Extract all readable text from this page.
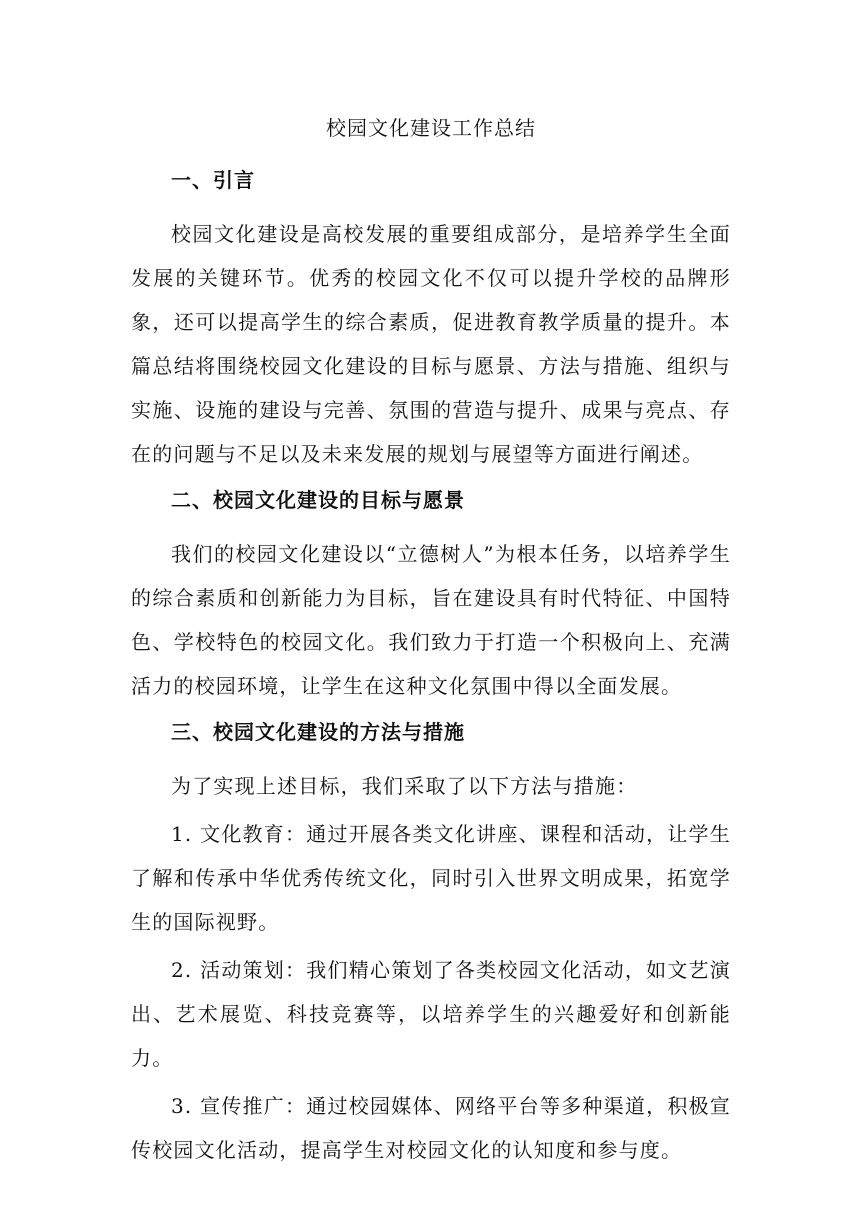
校园文化建设工作总结
一、引言

校园文化建设是高校发展的重要组成部分，是培养学生全面发展的关键环节。优秀的校园文化不仅可以提升学校的品牌形象，还可以提高学生的综合素质，促进教育教学质量的提升。本篇总结将围绕校园文化建设的目标与愿景、方法与措施、组织与实施、设施的建设与完善、氛围的营造与提升、成果与亮点、存在的问题与不足以及未来发展的规划与展望等方面进行阐述。

二、校园文化建设的目标与愿景

我们的校园文化建设以“立德树人”为根本任务，以培养学生的综合素质和创新能力为目标，旨在建设具有时代特征、中国特色、学校特色的校园文化。我们致力于打造一个积极向上、充满活力的校园环境，让学生在这种文化氛围中得以全面发展。

三、校园文化建设的方法与措施

为了实现上述目标，我们采取了以下方法与措施：

1. 文化教育：通过开展各类文化讲座、课程和活动，让学生了解和传承中华优秀传统文化，同时引入世界文明成果，拓宽学生的国际视野。

2. 活动策划：我们精心策划了各类校园文化活动，如文艺演出、艺术展览、科技竞赛等，以培养学生的兴趣爱好和创新能力。

3. 宣传推广：通过校园媒体、网络平台等多种渠道，积极宣传校园文化活动，提高学生对校园文化的认知度和参与度。
